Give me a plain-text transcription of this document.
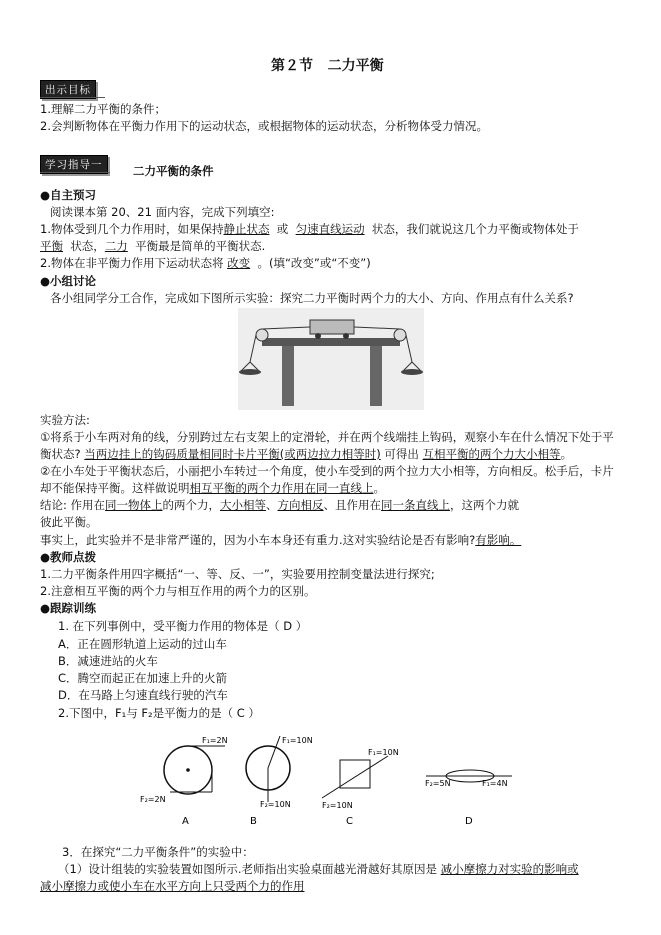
第２节 二力平衡
出示目标
1.理解二力平衡的条件；
2.会判断物体在平衡力作用下的运动状态，或根据物体的运动状态，分析物体受力情况。
学习指导一	二力平衡的条件
●自主预习
阅读课本第 20、21 面内容，完成下列填空:
1.物体受到几个力作用时，如果保持静止状态 或 匀速直线运动 状态，我们就说这几个力平衡或物体处于
平衡 状态，二力 平衡最是简单的平衡状态.
2.物体在非平衡力作用下运动状态将 改变 。(填“改变”或“不变”)
●小组讨论
各小组同学分工合作，完成如下图所示实验：探究二力平衡时两个力的大小、方向、作用点有什么关系?
实验方法:
①将系于小车两对角的线，分别跨过左右支架上的定滑轮，并在两个线端挂上钩码，观察小车在什么情况下处于平
衡状态? 当两边挂上的钩码质量相同时卡片平衡(或两边拉力相等时) 可得出 互相平衡的两个力大小相等。
②在小车处于平衡状态后，小丽把小车转过一个角度，使小车受到的两个拉力大小相等，方向相反。松手后，卡片
却不能保持平衡。这样做说明相互平衡的两个力作用在同一直线上。
结论: 作用在同一物体上的两个力，大小相等、方向相反、且作用在同一条直线上，这两个力就
彼此平衡。
事实上，此实验并不是非常严谨的，因为小车本身还有重力.这对实验结论是否有影响?有影响。
●教师点拨
1.二力平衡条件用四字概括“一、等、反、一”，实验要用控制变量法进行探究;
2.注意相互平衡的两个力与相互作用的两个力的区别。
●跟踪训练
1. 在下列事例中，受平衡力作用的物体是（ D ）
A．正在圆形轨道上运动的过山车
B．减速进站的火车
C．腾空而起正在加速上升的火箭
D．在马路上匀速直线行驶的汽车
2.下图中，F₁与 F₂是平衡力的是（ C ）
F₁=2N
F₂=2N
A
F₁=10N
F₂=10N
B
F₁=10N
F₂=10N
C
F₁=4N
F₂=5N
D
3．在探究“二力平衡条件”的实验中：
（1）设计组装的实验装置如图所示.老师指出实验桌面越光滑越好其原因是 减小摩擦力对实验的影响或
减小摩擦力或使小车在水平方向上只受两个力的作用
